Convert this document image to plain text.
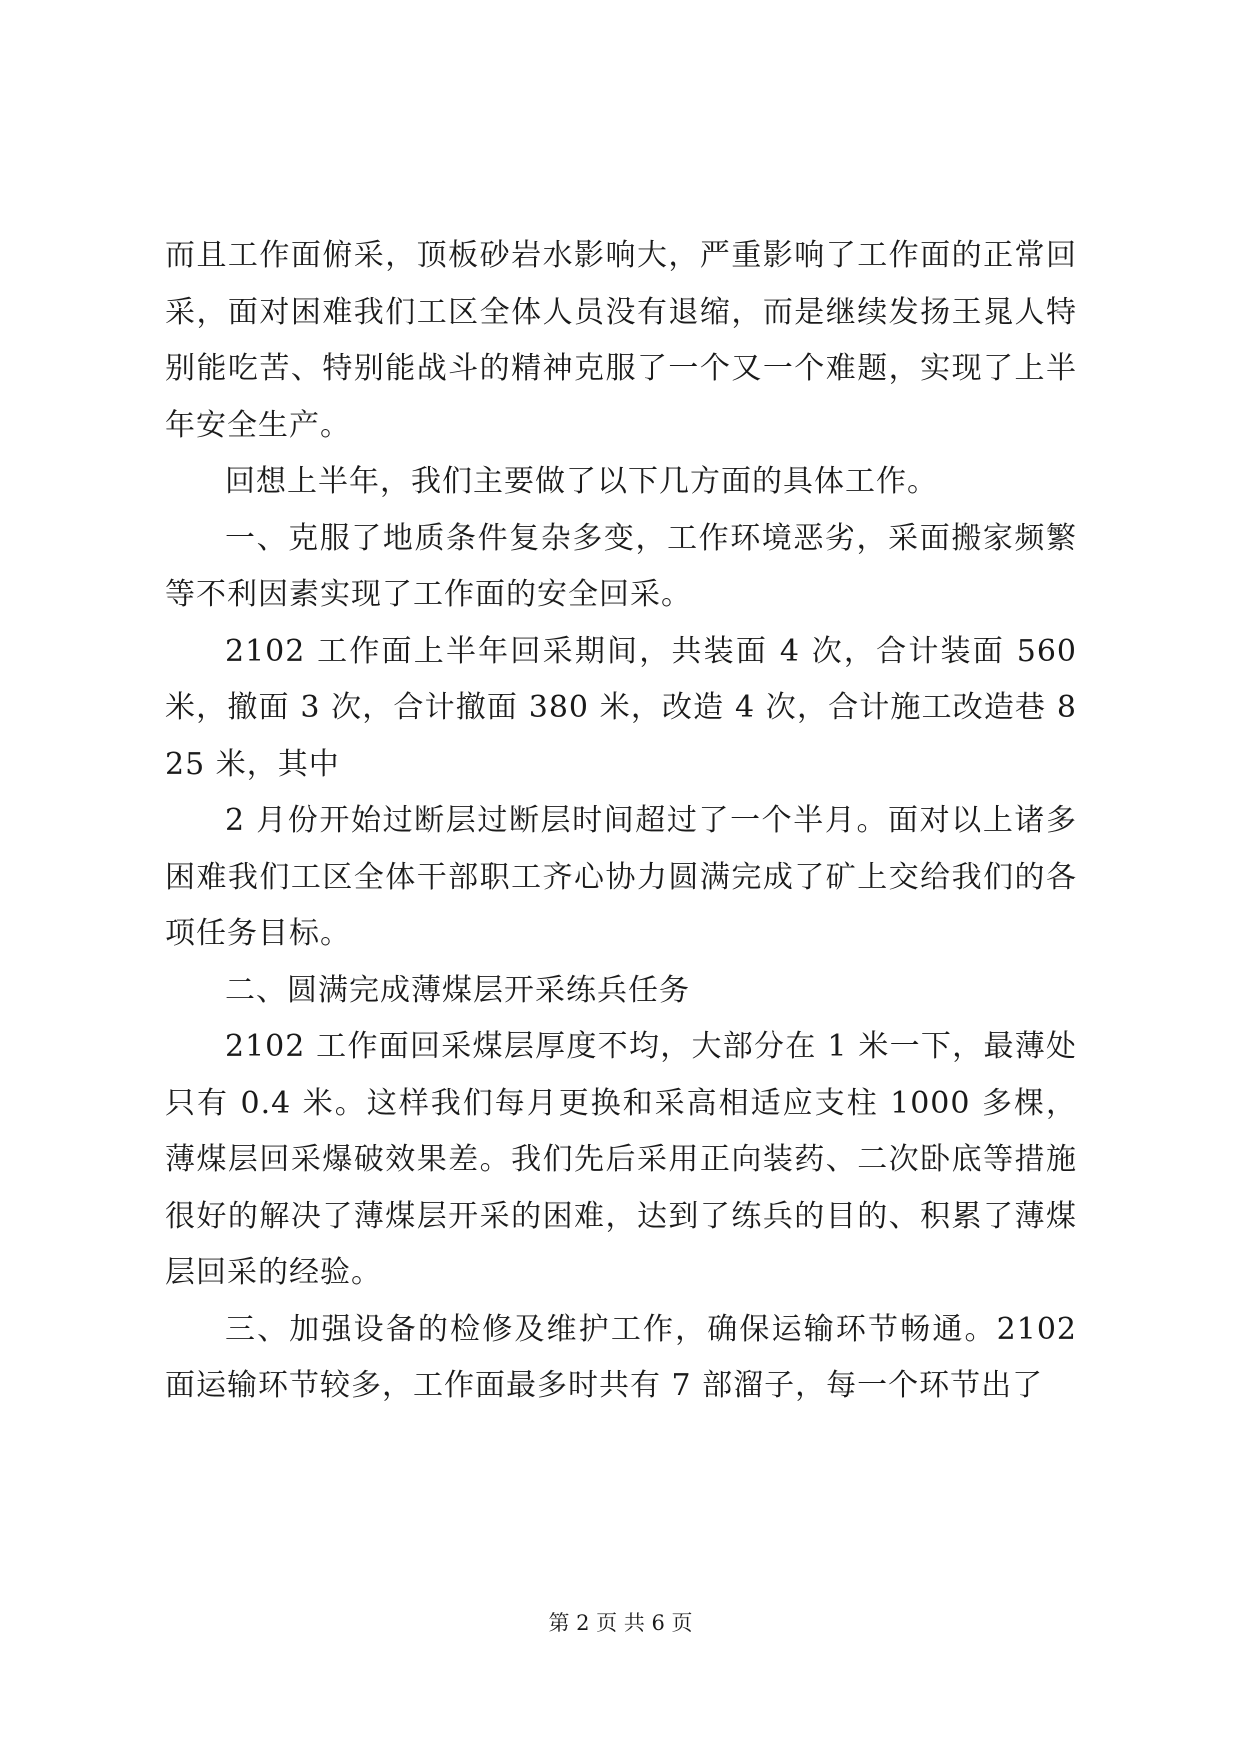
而且工作面俯采，顶板砂岩水影响大，严重影响了工作面的正常回采，面对困难我们工区全体人员没有退缩，而是继续发扬王晁人特别能吃苦、特别能战斗的精神克服了一个又一个难题，实现了上半年安全生产。

回想上半年，我们主要做了以下几方面的具体工作。

一、克服了地质条件复杂多变，工作环境恶劣，采面搬家频繁等不利因素实现了工作面的安全回采。

2102 工作面上半年回采期间，共装面 4 次，合计装面 560 米，撤面 3 次，合计撤面 380 米，改造 4 次，合计施工改造巷 825 米，其中

2 月份开始过断层过断层时间超过了一个半月。面对以上诸多困难我们工区全体干部职工齐心协力圆满完成了矿上交给我们的各项任务目标。

二、圆满完成薄煤层开采练兵任务

2102 工作面回采煤层厚度不均，大部分在 1 米一下，最薄处只有 0.4 米。这样我们每月更换和采高相适应支柱 1000 多棵，薄煤层回采爆破效果差。我们先后采用正向装药、二次卧底等措施很好的解决了薄煤层开采的困难，达到了练兵的目的、积累了薄煤层回采的经验。

三、加强设备的检修及维护工作，确保运输环节畅通。2102 面运输环节较多，工作面最多时共有 7 部溜子，每一个环节出了

第 2 页 共 6 页
